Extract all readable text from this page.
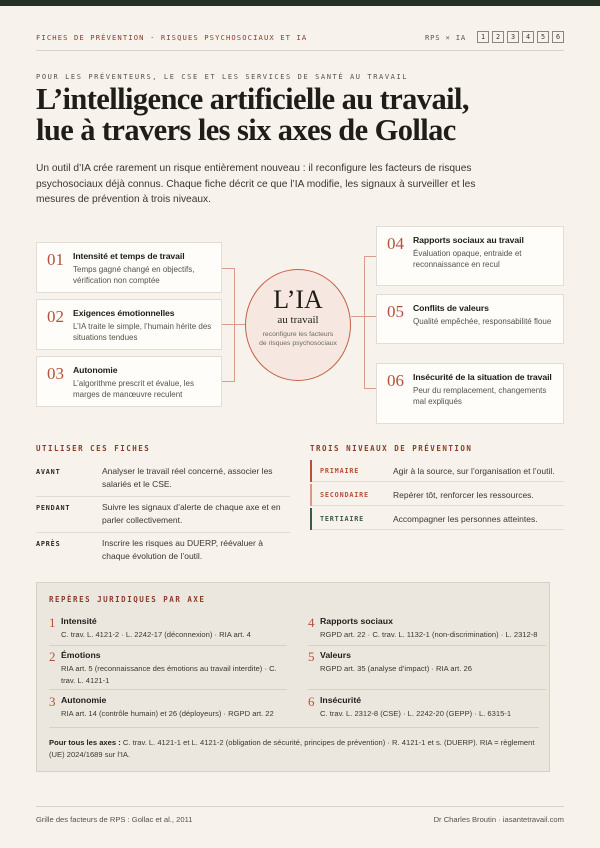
FICHES DE PRÉVENTION · RISQUES PSYCHOSOCIAUX ET IA	RPS × IA	1	2	3	4	5	6
POUR LES PRÉVENTEURS, LE CSE ET LES SERVICES DE SANTÉ AU TRAVAIL
L’intelligence artificielle au travail,
lue à travers les six axes de Gollac

Un outil d’IA crée rarement un risque entièrement nouveau : il reconfigure les facteurs de risques psychosociaux déjà connus. Chaque fiche décrit ce que l’IA modifie, les signaux à surveiller et les mesures de prévention à trois niveaux.

01	Intensité et temps de travail
Temps gagné changé en objectifs, vérification non comptée
02	Exigences émotionnelles
L’IA traite le simple, l’humain hérite des situations tendues
03	Autonomie
L’algorithme prescrit et évalue, les marges de manœuvre reculent
L’IA
au travail
reconfigure les facteurs de risques psychosociaux
04	Rapports sociaux au travail
Évaluation opaque, entraide et reconnaissance en recul
05	Conflits de valeurs
Qualité empêchée, responsabilité floue
06	Insécurité de la situation de travail
Peur du remplacement, changements mal expliqués
UTILISER CES FICHES
AVANT	Analyser le travail réel concerné, associer les salariés et le CSE.
PENDANT	Suivre les signaux d’alerte de chaque axe et en parler collectivement.
APRÈS	Inscrire les risques au DUERP, réévaluer à chaque évolution de l’outil.
TROIS NIVEAUX DE PRÉVENTION
PRIMAIRE	Agir à la source, sur l’organisation et l’outil.
SECONDAIRE	Repérer tôt, renforcer les ressources.
TERTIAIRE	Accompagner les personnes atteintes.
REPÈRES JURIDIQUES PAR AXE
1 Intensité
C. trav. L. 4121-2 · L. 2242-17 (déconnexion) · RIA art. 4
2 Émotions
RIA art. 5 (reconnaissance des émotions au travail interdite) · C. trav. L. 4121-1
3 Autonomie
RIA art. 14 (contrôle humain) et 26 (déployeurs) · RGPD art. 22
4 Rapports sociaux
RGPD art. 22 · C. trav. L. 1132-1 (non-discrimination) · L. 2312-8
5 Valeurs
RGPD art. 35 (analyse d’impact) · RIA art. 26
6 Insécurité
C. trav. L. 2312-8 (CSE) · L. 2242-20 (GEPP) · L. 6315-1

Pour tous les axes : C. trav. L. 4121-1 et L. 4121-2 (obligation de sécurité, principes de prévention) · R. 4121-1 et s. (DUERP). RIA = règlement (UE) 2024/1689 sur l’IA.

Grille des facteurs de RPS : Gollac et al., 2011	Dr Charles Broutin · iasantetravail.com
